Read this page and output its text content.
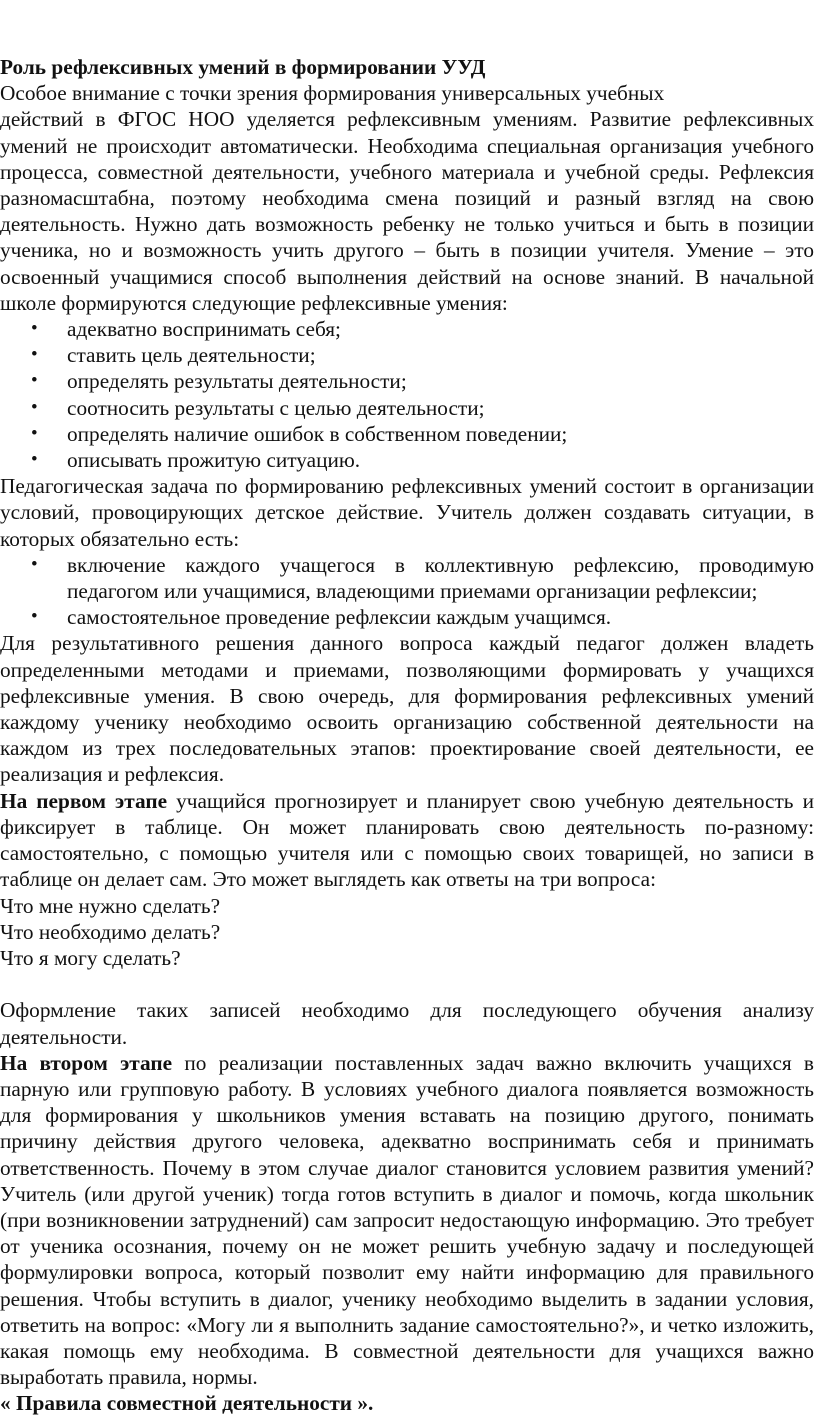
Роль рефлексивных умений в формировании УУД

Особое внимание с точки зрения формирования универсальных учебных

действий в ФГОС НОО уделяется рефлексивным умениям. Развитие рефлексивных умений не происходит автоматически. Необходима специальная организация учебного процесса, совместной деятельности, учебного материала и учебной среды. Рефлексия разномасштабна, поэтому необходима смена позиций и разный взгляд на свою деятельность. Нужно дать возможность ребенку не только учиться и быть в позиции ученика, но и возможность учить другого – быть в позиции учителя. Умение – это освоенный учащимися способ выполнения действий на основе знаний. В начальной школе формируются следующие рефлексивные умения:

• адекватно воспринимать себя;
• ставить цель деятельности;
• определять результаты деятельности;
• соотносить результаты с целью деятельности;
• определять наличие ошибок в собственном поведении;
• описывать прожитую ситуацию.

Педагогическая задача по формированию рефлексивных умений состоит в организации условий, провоцирующих детское действие. Учитель должен создавать ситуации, в которых обязательно есть:

• включение каждого учащегося в коллективную рефлексию, проводимую педагогом или учащимися, владеющими приемами организации рефлексии;
• самостоятельное проведение рефлексии каждым учащимся.

Для результативного решения данного вопроса каждый педагог должен владеть определенными методами и приемами, позволяющими формировать у учащихся рефлексивные умения. В свою очередь, для формирования рефлексивных умений каждому ученику необходимо освоить организацию собственной деятельности на каждом из трех последовательных этапов: проектирование своей деятельности, ее реализация и рефлексия.

На первом этапе учащийся прогнозирует и планирует свою учебную деятельность и фиксирует в таблице. Он может планировать свою деятельность по-разному: самостоятельно, с помощью учителя или с помощью своих товарищей, но записи в таблице он делает сам. Это может выглядеть как ответы на три вопроса:

Что мне нужно сделать?

Что необходимо делать?

Что я могу сделать?

Оформление таких записей необходимо для последующего обучения анализу деятельности.

На втором этапе по реализации поставленных задач важно включить учащихся в парную или групповую работу. В условиях учебного диалога появляется возможность для формирования у школьников умения вставать на позицию другого, понимать причину действия другого человека, адекватно воспринимать себя и принимать ответственность. Почему в этом случае диалог становится условием развития умений? Учитель (или другой ученик) тогда готов вступить в диалог и помочь, когда школьник (при возникновении затруднений) сам запросит недостающую информацию. Это требует от ученика осознания, почему он не может решить учебную задачу и последующей формулировки вопроса, который позволит ему найти информацию для правильного решения. Чтобы вступить в диалог, ученику необходимо выделить в задании условия, ответить на вопрос: «Могу ли я выполнить задание самостоятельно?», и четко изложить, какая помощь ему необходима. В совместной деятельности для учащихся важно выработать правила, нормы.

« Правила совместной деятельности ».
